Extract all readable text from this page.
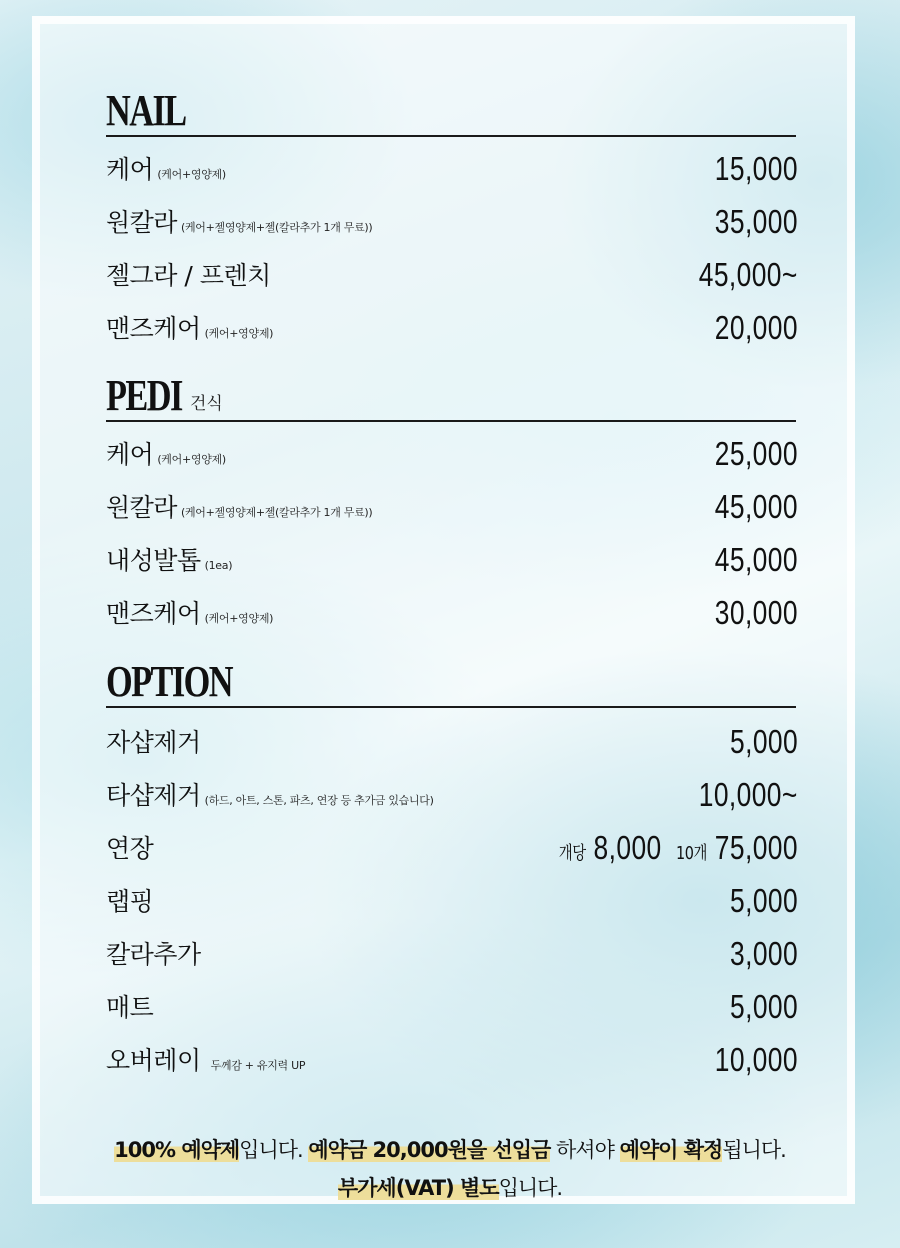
NAIL
케어 (케어+영양제)	15,000
원칼라 (케어+젤영양제+젤(칼라추가 1개 무료))	35,000
젤그라 / 프렌치	45,000~
맨즈케어 (케어+영양제)	20,000
PEDI 건식
케어 (케어+영양제)	25,000
원칼라 (케어+젤영양제+젤(칼라추가 1개 무료))	45,000
내성발톱 (1ea)	45,000
맨즈케어 (케어+영양제)	30,000
OPTION
자샵제거	5,000
타샵제거 (하드, 아트, 스톤, 파츠, 연장 등 추가금 있습니다)	10,000~
연장	개당 8,000 10개 75,000
랩핑	5,000
칼라추가	3,000
매트	5,000
오버레이 두께감 + 유지력 UP	10,000
100% 예약제입니다. 예약금 20,000원을 선입금 하셔야 예약이 확정됩니다.
부가세(VAT) 별도입니다.
